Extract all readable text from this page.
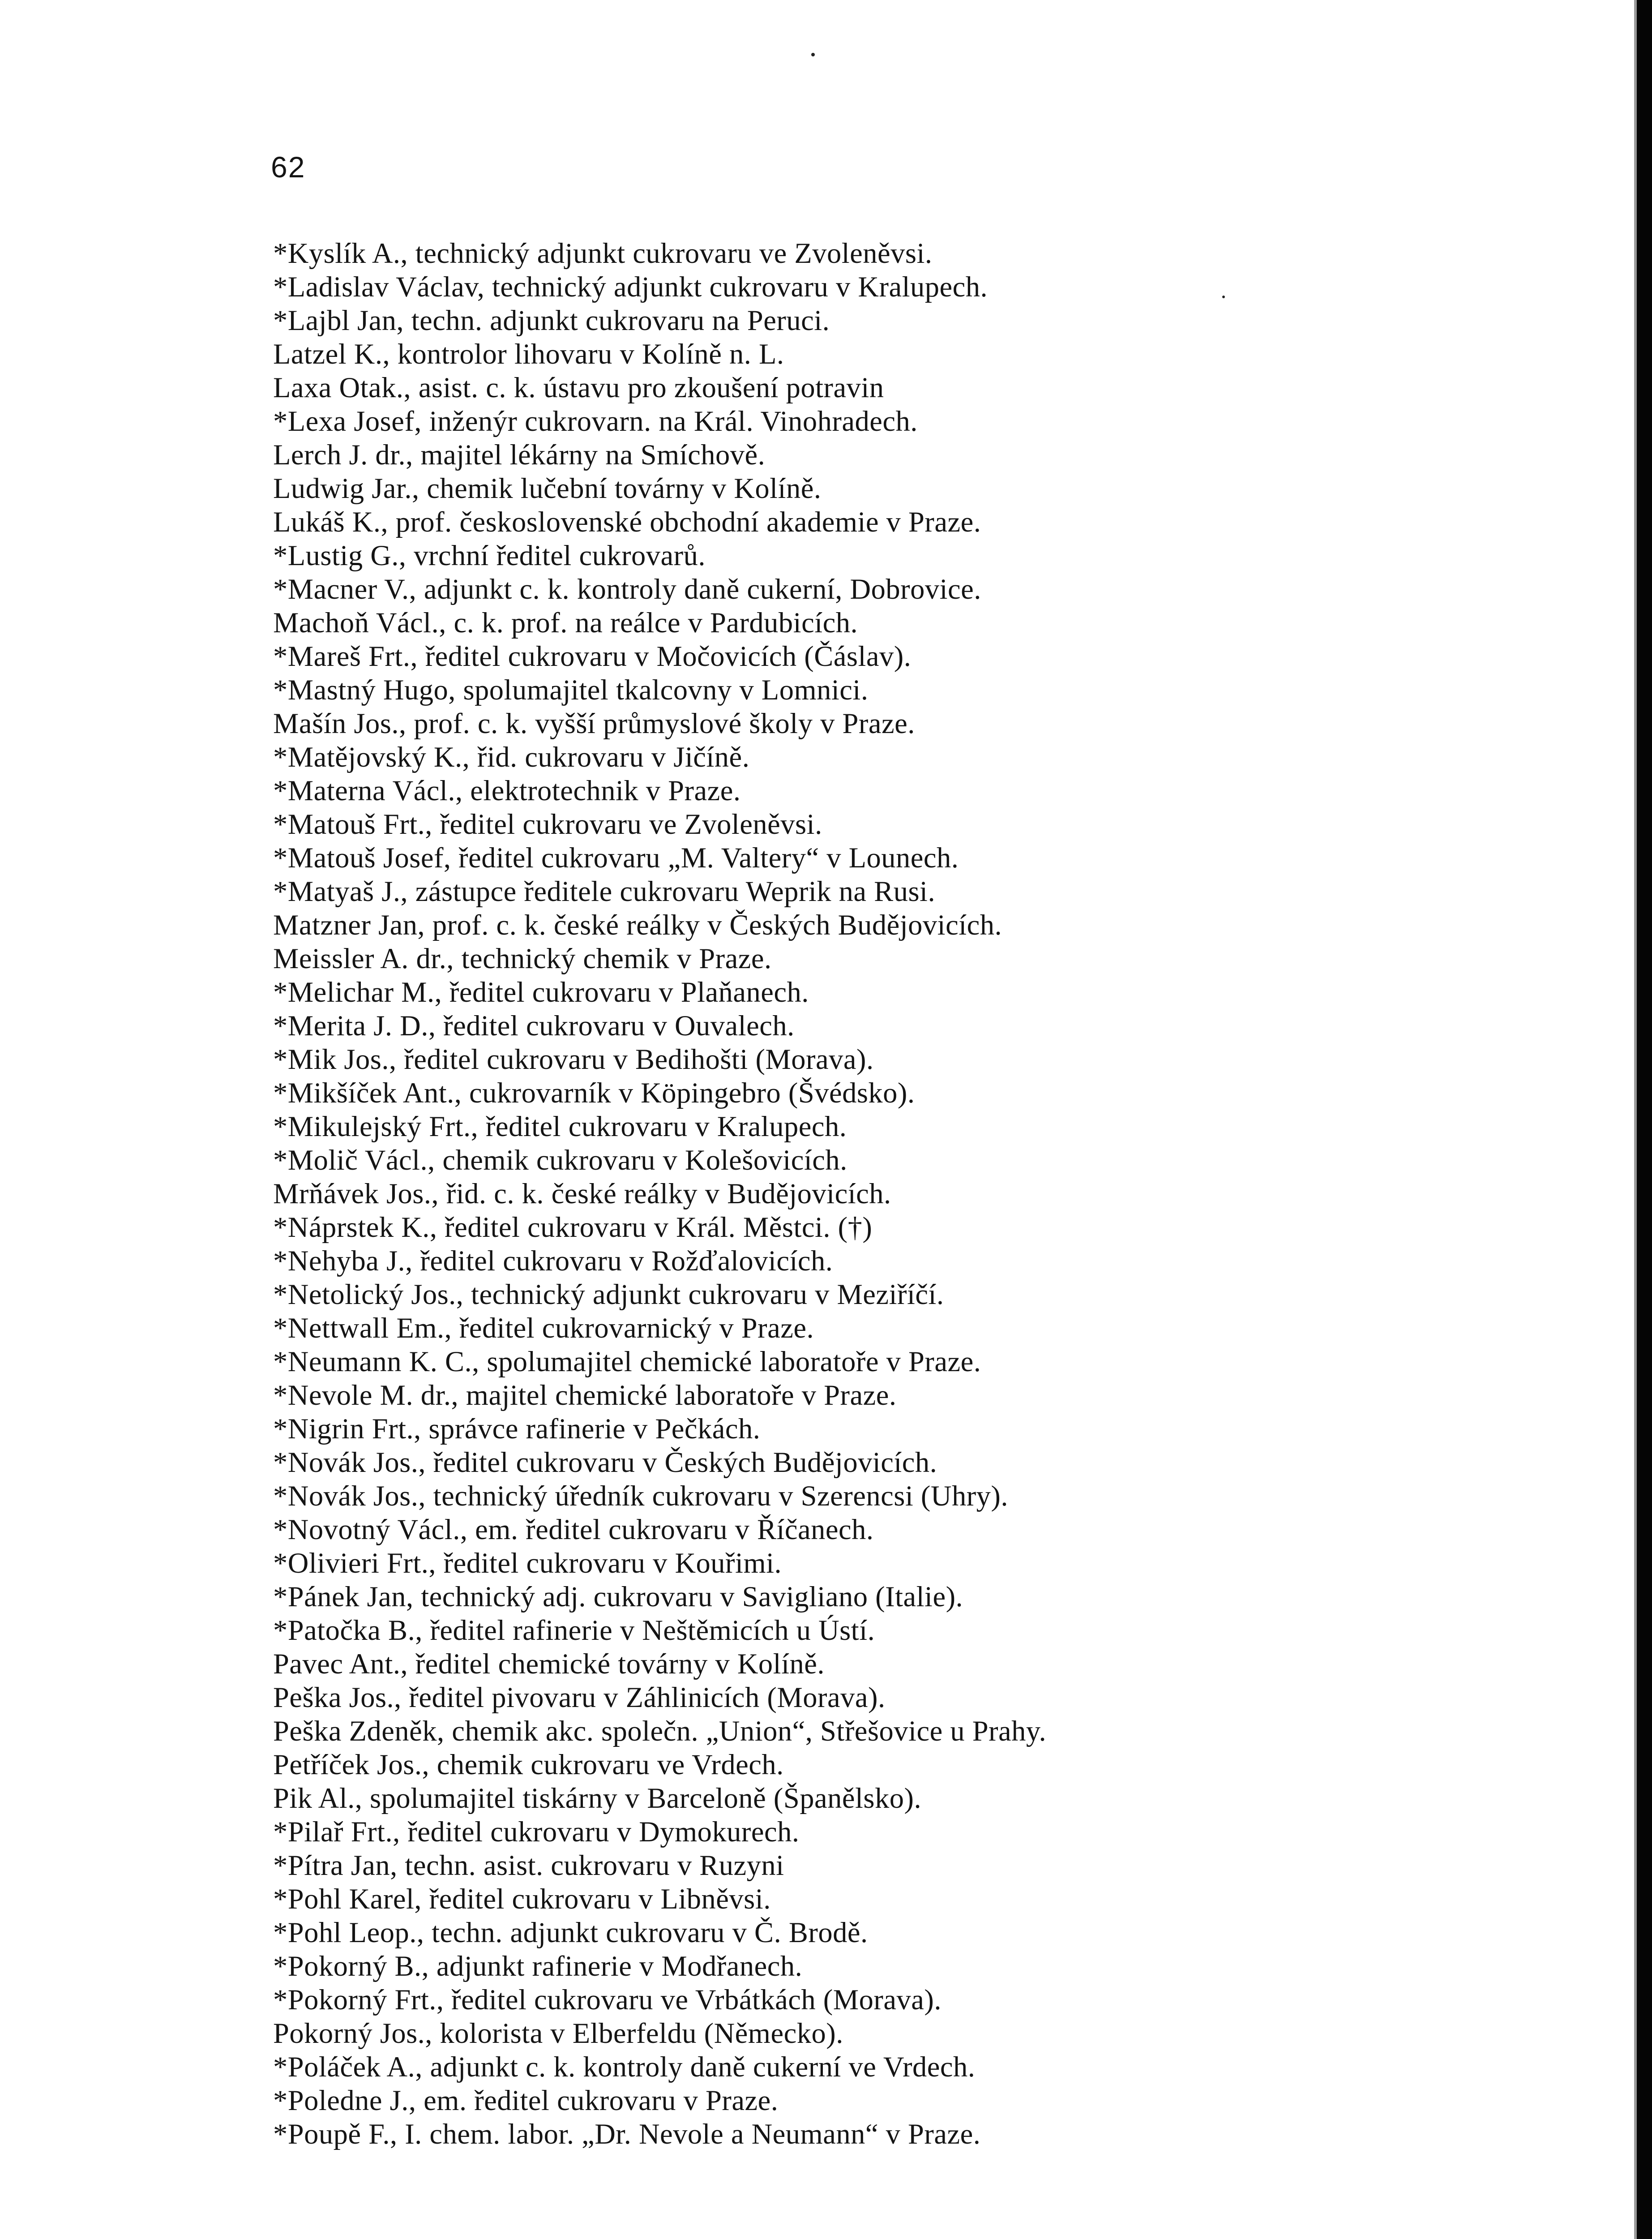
62
*Kyslík A., technický adjunkt cukrovaru ve Zvoleněvsi.
*Ladislav Václav, technický adjunkt cukrovaru v Kralupech.
*Lajbl Jan, techn. adjunkt cukrovaru na Peruci.
Latzel K., kontrolor lihovaru v Kolíně n. L.
Laxa Otak., asist. c. k. ústavu pro zkoušení potravin
*Lexa Josef, inženýr cukrovarn. na Král. Vinohradech.
Lerch J. dr., majitel lékárny na Smíchově.
Ludwig Jar., chemik lučební továrny v Kolíně.
Lukáš K., prof. československé obchodní akademie v Praze.
*Lustig G., vrchní ředitel cukrovarů.
*Macner V., adjunkt c. k. kontroly daně cukerní, Dobrovice.
Machoň Václ., c. k. prof. na reálce v Pardubicích.
*Mareš Frt., ředitel cukrovaru v Močovicích (Čáslav).
*Mastný Hugo, spolumajitel tkalcovny v Lomnici.
Mašín Jos., prof. c. k. vyšší průmyslové školy v Praze.
*Matějovský K., řid. cukrovaru v Jičíně.
*Materna Václ., elektrotechnik v Praze.
*Matouš Frt., ředitel cukrovaru ve Zvoleněvsi.
*Matouš Josef, ředitel cukrovaru „M. Valtery“ v Lounech.
*Matyaš J., zástupce ředitele cukrovaru Weprik na Rusi.
Matzner Jan, prof. c. k. české reálky v Českých Budějovicích.
Meissler A. dr., technický chemik v Praze.
*Melichar M., ředitel cukrovaru v Plaňanech.
*Merita J. D., ředitel cukrovaru v Ouvalech.
*Mik Jos., ředitel cukrovaru v Bedihošti (Morava).
*Mikšíček Ant., cukrovarník v Köpingebro (Švédsko).
*Mikulejský Frt., ředitel cukrovaru v Kralupech.
*Molič Václ., chemik cukrovaru v Kolešovicích.
Mrňávek Jos., řid. c. k. české reálky v Budějovicích.
*Náprstek K., ředitel cukrovaru v Král. Městci. (†)
*Nehyba J., ředitel cukrovaru v Rožďalovicích.
*Netolický Jos., technický adjunkt cukrovaru v Meziříčí.
*Nettwall Em., ředitel cukrovarnický v Praze.
*Neumann K. C., spolumajitel chemické laboratoře v Praze.
*Nevole M. dr., majitel chemické laboratoře v Praze.
*Nigrin Frt., správce rafinerie v Pečkách.
*Novák Jos., ředitel cukrovaru v Českých Budějovicích.
*Novák Jos., technický úředník cukrovaru v Szerencsi (Uhry).
*Novotný Václ., em. ředitel cukrovaru v Říčanech.
*Olivieri Frt., ředitel cukrovaru v Kouřimi.
*Pánek Jan, technický adj. cukrovaru v Savigliano (Italie).
*Patočka B., ředitel rafinerie v Neštěmicích u Ústí.
Pavec Ant., ředitel chemické továrny v Kolíně.
Peška Jos., ředitel pivovaru v Záhlinicích (Morava).
Peška Zdeněk, chemik akc. společn. „Union“, Střešovice u Prahy.
Petříček Jos., chemik cukrovaru ve Vrdech.
Pik Al., spolumajitel tiskárny v Barceloně (Španělsko).
*Pilař Frt., ředitel cukrovaru v Dymokurech.
*Pítra Jan, techn. asist. cukrovaru v Ruzyni
*Pohl Karel, ředitel cukrovaru v Libněvsi.
*Pohl Leop., techn. adjunkt cukrovaru v Č. Brodě.
*Pokorný B., adjunkt rafinerie v Modřanech.
*Pokorný Frt., ředitel cukrovaru ve Vrbátkách (Morava).
Pokorný Jos., kolorista v Elberfeldu (Německo).
*Poláček A., adjunkt c. k. kontroly daně cukerní ve Vrdech.
*Poledne J., em. ředitel cukrovaru v Praze.
*Poupě F., I. chem. labor. „Dr. Nevole a Neumann“ v Praze.
